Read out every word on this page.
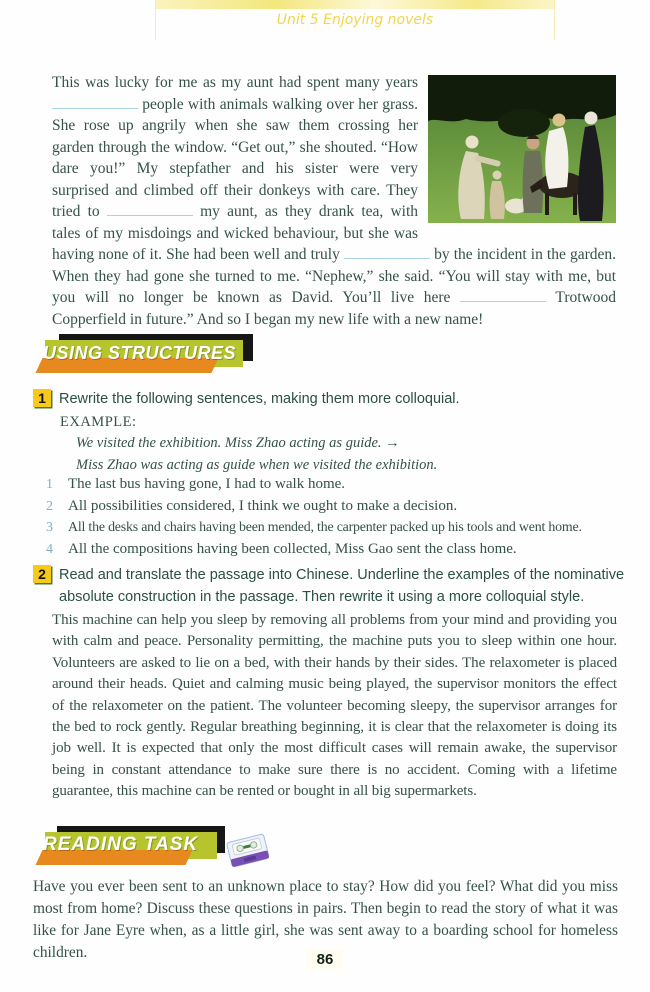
Unit 5 Enjoying novels
This was lucky for me as my aunt had spent many years  people with animals walking over her grass. She rose up angrily when she saw them crossing her garden through the window. “Get out,” she shouted. “How dare you!” My stepfather and his sister were very surprised and climbed off their donkeys with care. They tried to	my aunt, as they drank tea, with tales of my misdoings and wicked behaviour, but she was having none of it. She had been well and truly	by the incident in the garden. When they had gone she turned to me. “Nephew,” she said. “You will stay with me, but you will no longer be known as David. You’ll live here	Trotwood Copperfield in future.” And so I began my new life with a new name!
USING STRUCTURES
1 Rewrite the following sentences, making them more colloquial.
EXAMPLE:
We visited the exhibition. Miss Zhao acting as guide. →
Miss Zhao was acting as guide when we visited the exhibition.
1 The last bus having gone, I had to walk home.
2 All possibilities considered, I think we ought to make a decision.
3 All the desks and chairs having been mended, the carpenter packed up his tools and went home.
4 All the compositions having been collected, Miss Gao sent the class home.
2 Read and translate the passage into Chinese. Underline the examples of the nominative absolute construction in the passage. Then rewrite it using a more colloquial style.
This machine can help you sleep by removing all problems from your mind and providing you with calm and peace. Personality permitting, the machine puts you to sleep within one hour. Volunteers are asked to lie on a bed, with their hands by their sides. The relaxometer is placed around their heads. Quiet and calming music being played, the supervisor monitors the effect of the relaxometer on the patient. The volunteer becoming sleepy, the supervisor arranges for the bed to rock gently. Regular breathing beginning, it is clear that the relaxometer is doing its job well. It is expected that only the most difficult cases will remain awake, the supervisor being in constant attendance to make sure there is no accident. Coming with a lifetime guarantee, this machine can be rented or bought in all big supermarkets.
READING TASK
Have you ever been sent to an unknown place to stay? How did you feel? What did you miss most from home? Discuss these questions in pairs. Then begin to read the story of what it was like for Jane Eyre when, as a little girl, she was sent away to a boarding school for homeless children.	86
